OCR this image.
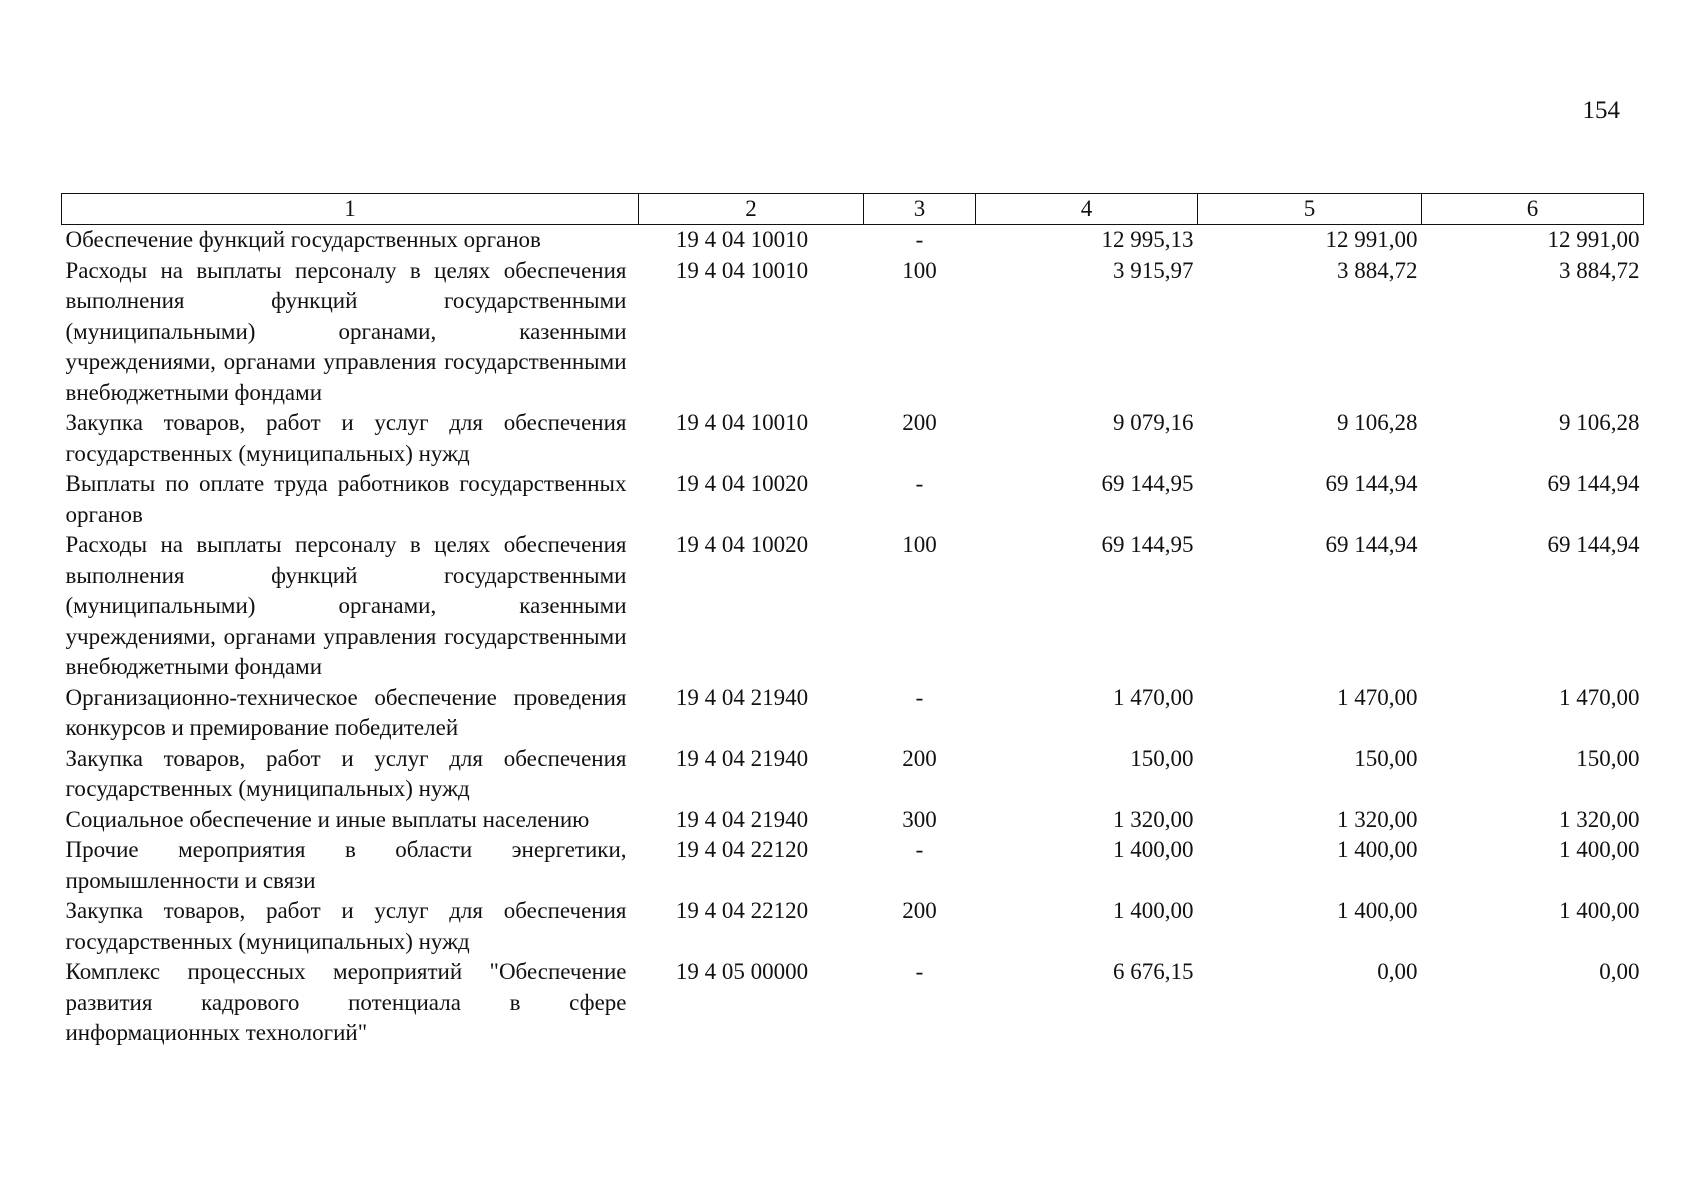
154
1	2	3	4	5	6
Обеспечение функций государственных органов	19 4 04 10010	-	12 995,13	12 991,00	12 991,00
Расходы на выплаты персоналу в целях обеспечения выполнения функций государственными (муниципальными) органами, казенными учреждениями, органами управления государственными внебюджетными фондами	19 4 04 10010	100	3 915,97	3 884,72	3 884,72
Закупка товаров, работ и услуг для обеспечения государственных (муниципальных) нужд	19 4 04 10010	200	9 079,16	9 106,28	9 106,28
Выплаты по оплате труда работников государственных органов	19 4 04 10020	-	69 144,95	69 144,94	69 144,94
Расходы на выплаты персоналу в целях обеспечения выполнения функций государственными (муниципальными) органами, казенными учреждениями, органами управления государственными внебюджетными фондами	19 4 04 10020	100	69 144,95	69 144,94	69 144,94
Организационно-техническое обеспечение проведения конкурсов и премирование победителей	19 4 04 21940	-	1 470,00	1 470,00	1 470,00
Закупка товаров, работ и услуг для обеспечения государственных (муниципальных) нужд	19 4 04 21940	200	150,00	150,00	150,00
Социальное обеспечение и иные выплаты населению	19 4 04 21940	300	1 320,00	1 320,00	1 320,00
Прочие мероприятия в области энергетики, промышленности и связи	19 4 04 22120	-	1 400,00	1 400,00	1 400,00
Закупка товаров, работ и услуг для обеспечения государственных (муниципальных) нужд	19 4 04 22120	200	1 400,00	1 400,00	1 400,00
Комплекс процессных мероприятий "Обеспечение развития кадрового потенциала в сфере информационных технологий"	19 4 05 00000	-	6 676,15	0,00	0,00
